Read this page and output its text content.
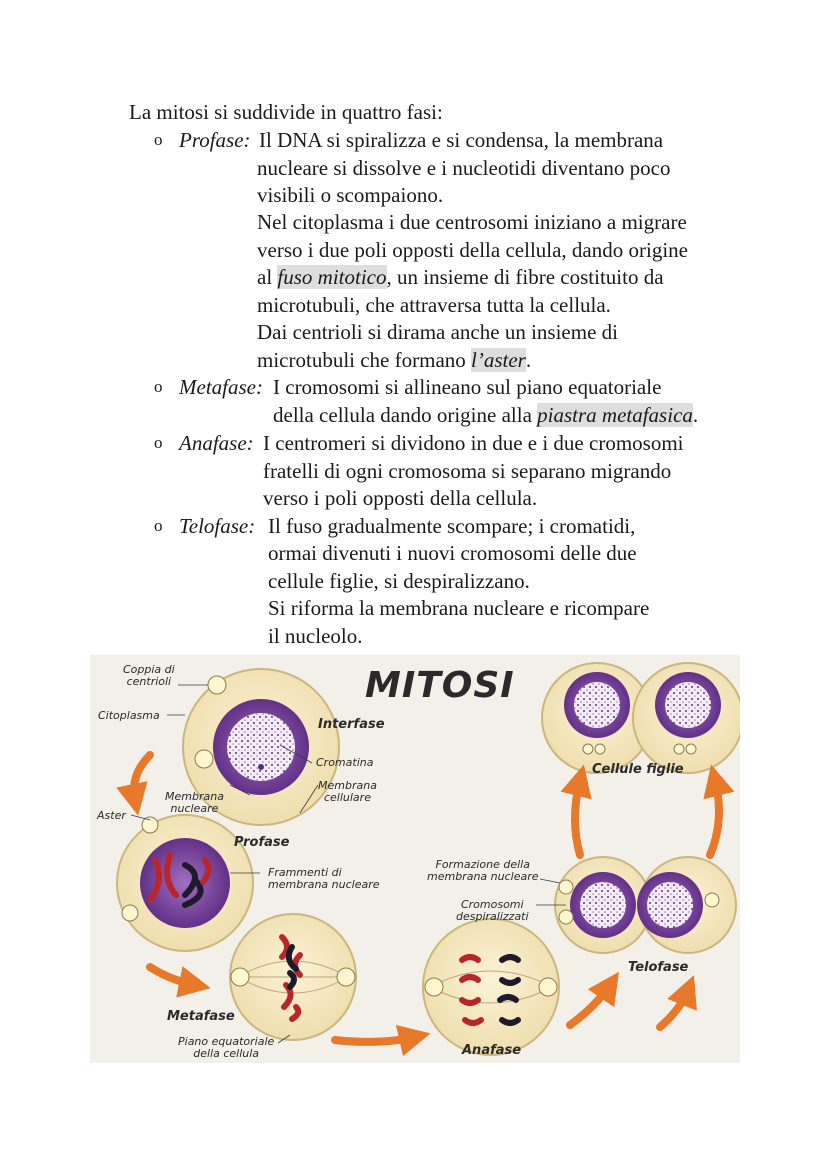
La mitosi si suddivide in quattro fasi:
o Profase: Il DNA si spiralizza e si condensa, la membrana
nucleare si dissolve e i nucleotidi diventano poco
visibili o scompaiono.
Nel citoplasma i due centrosomi iniziano a migrare
verso i due poli opposti della cellula, dando origine
al fuso mitotico, un insieme di fibre costituito da
microtubuli, che attraversa tutta la cellula.
Dai centrioli si dirama anche un insieme di
microtubuli che formano l’aster.
o Metafase: I cromosomi si allineano sul piano equatoriale
della cellula dando origine alla piastra metafasica.
o Anafase: I centromeri si dividono in due e i due cromosomi
fratelli di ogni cromosoma si separano migrando
verso i poli opposti della cellula.
o Telofase: Il fuso gradualmente scompare; i cromatidi,
ormai divenuti i nuovi cromosomi delle due
cellule figlie, si despiralizzano.
Si riforma la membrana nucleare e ricompare
il nucleolo.
MITOSI
Coppia di
centrioli
Citoplasma
Interfase
Cromatina
Membrana
cellulare
Membrana
nucleare
Aster
Profase
Frammenti di
membrana nucleare
Metafase
Piano equatoriale
della cellula	Anafase
Formazione della
membrana nucleare
Cromosomi
despiralizzati
Telofase
Cellule figlie
